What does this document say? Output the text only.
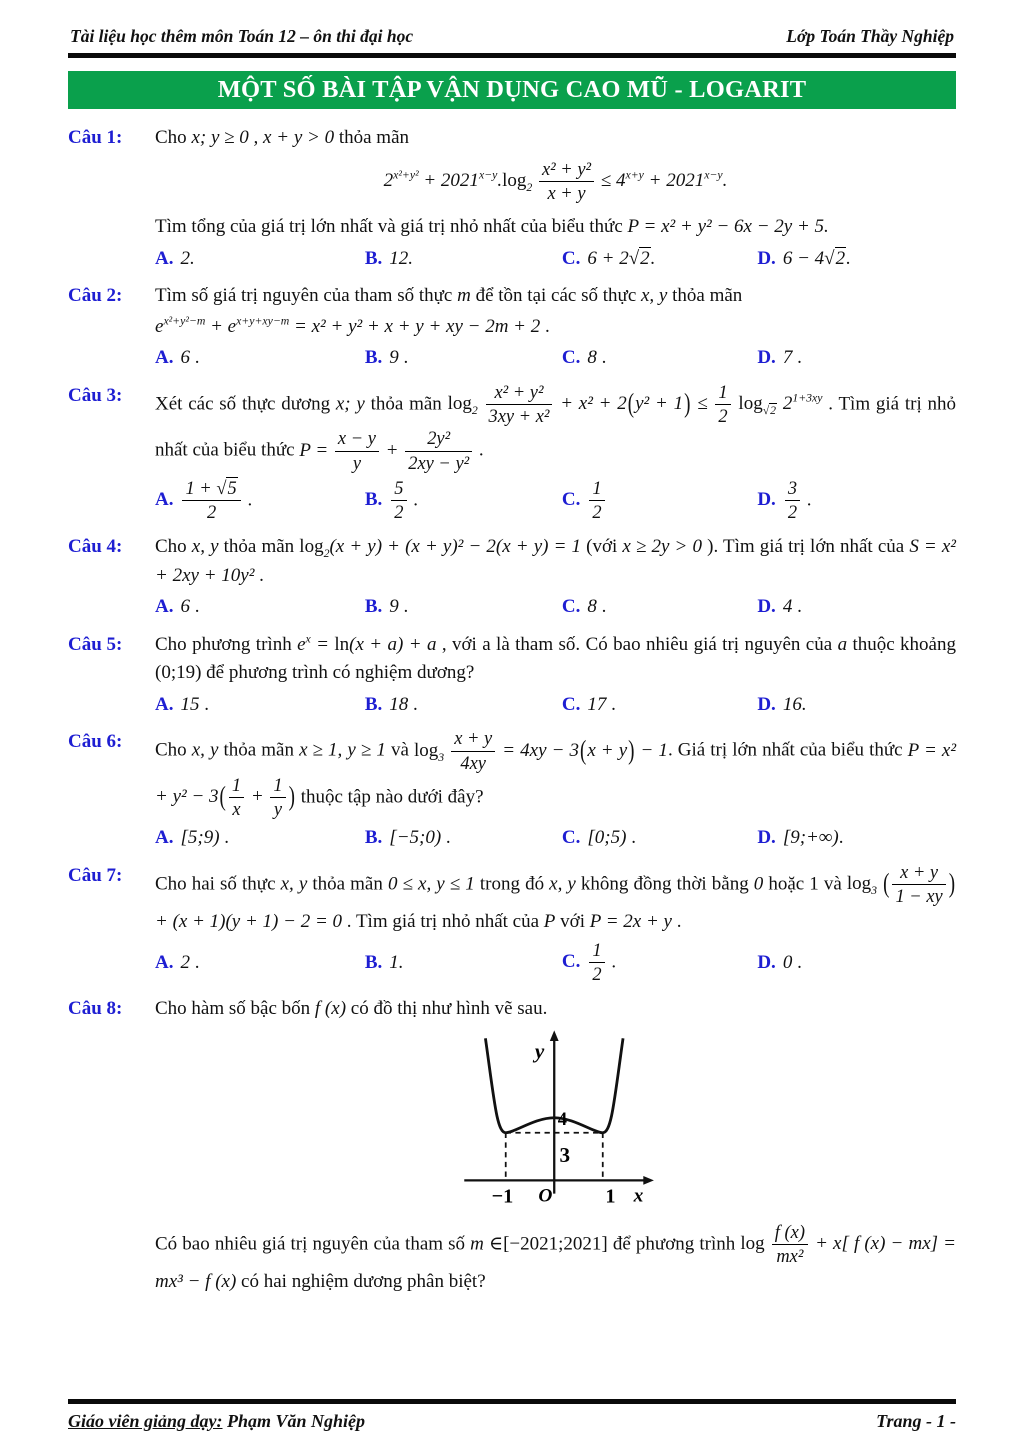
Tài liệu học thêm môn Toán 12 – ôn thi đại học	Lớp Toán Thầy Nghiệp
MỘT SỐ BÀI TẬP VẬN DỤNG CAO MŨ - LOGARIT
Câu 1:	Cho x; y ≥ 0 , x + y > 0 thỏa mãn
$2^{x^2+y^2} + 2021^{x-y}.\log_2 \frac{\text{x² + y²}}{x + y} \le 4^{x+y} + 2021^{x-y}$.
Tìm tổng của giá trị lớn nhất và giá trị nhỏ nhất của biểu thức P = x² + y² − 6x − 2y + 5.
A. 2.	B. 12.	C. 6 + 2√2.	D. 6 − 4√2.
Câu 2:	Tìm số giá trị nguyên của tham số thực m để tồn tại các số thực x, y thỏa mãn
$e^{x^2+y^2-m} + e^{x+y+xy-m} = x^2 + y^2 + x + y$ + xy − 2m + 2 .
A. 6 .	B. 9 .	C. 8 .	D. 7 .
Câu 3:	Xét các số thực dương x; y thỏa mãn $\log_2 \frac{\text{x² + y²}}{\text{3xy + x²}} + x^2 + 2(y^2 + 1) \le \frac{1}{2} \log_{√2} 2^{1+3xy}$ . Tìm giá trị nhỏ nhất của biểu thức $P = \frac{x - y}{y} + \frac{\text{2y²}}{\text{2xy − y²}}$ .
A. $\frac{1 + √5}{2}$ .	B. $\frac{5}{2}$ .	C. $\frac{1}{2}$	D. $\frac{3}{2}$ .
Câu 4:	Cho x, y thỏa mãn $\log_2(x + y) + (x + y)^2 - 2(x + y) = 1$ (với x ≥ 2y > 0 ). Tìm giá trị lớn nhất của S = x² + 2xy + 10y² .
A. 6 .	B. 9 .	C. 8 .	D. 4 .
Câu 5:	Cho phương trình $e^x = \ln(x + a) + a$ , với a là tham số. Có bao nhiêu giá trị nguyên của a thuộc khoảng (0;19) để phương trình có nghiệm dương?
A. 15 .	B. 18 .	C. 17 .	D. 16.
Câu 6:	Cho x, y thỏa mãn x ≥ 1, y ≥ 1 và $\log_3 \frac{x + y}{4xy} = 4xy - 3(x + y) - 1$. Giá trị lớn nhất của biểu thức $P = x^2 + y^2 - 3( \frac{1}{x} + \frac{1}{y}$ ) thuộc tập nào dưới đây?
A. [5;9) .	B. [−5;0) .	C. [0;5) .	D. [9;+∞).
Câu 7:	Cho hai số thực x, y thỏa mãn 0 ≤ x, y ≤ 1 trong đó x, y không đồng thời bằng 0 hoặc 1 và $\log_3$ ( $\frac{x + y}{1 - xy}$ ) + (x + 1)(y + 1) − 2 = 0 . Tìm giá trị nhỏ nhất của P với P = 2x + y .
A. 2 .	B. 1.	C. $\frac{1}{2}$ .	D. 0 .
Câu 8:	Cho hàm số bậc bốn f (x) có đồ thị như hình vẽ sau.
y
x
4
3
−1 O 1
Có bao nhiêu giá trị nguyên của tham số m ∈[−2021;2021] để phương trình $\log \frac{f (x)}{\text{mx²}} + x$[ f (x) − mx] = mx³ − f (x) có hai nghiệm dương phân biệt?
Giáo viên giảng dạy: Phạm Văn Nghiệp	Trang - 1 -
